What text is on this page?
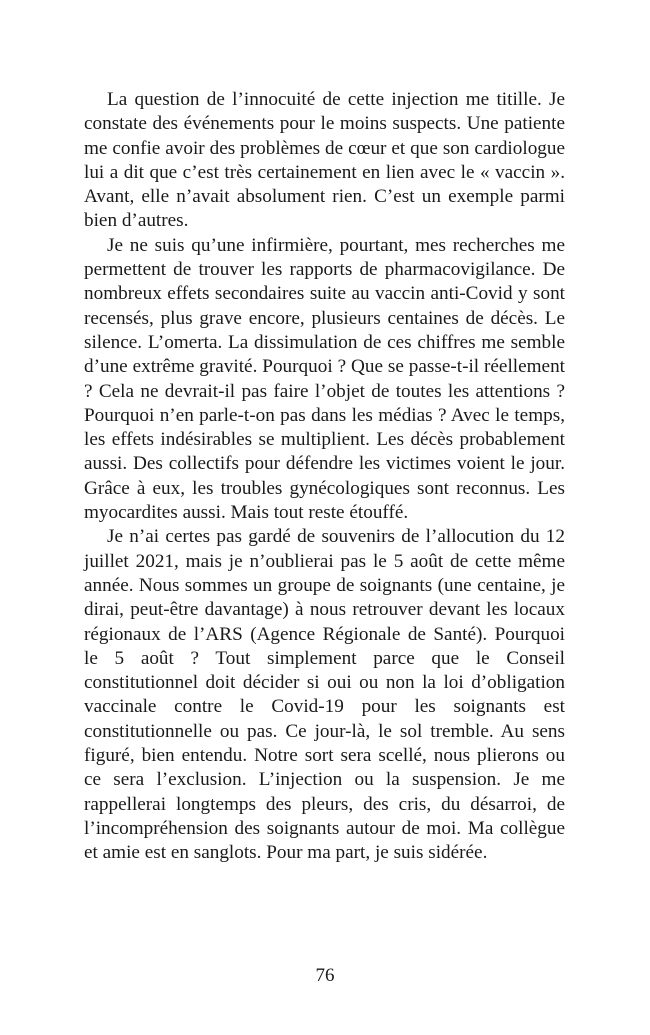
La question de l’innocuité de cette injection me titille. Je constate des événements pour le moins suspects. Une patiente me confie avoir des problèmes de cœur et que son cardiologue lui a dit que c’est très certainement en lien avec le « vaccin ». Avant, elle n’avait absolument rien. C’est un exemple parmi bien d’autres.

Je ne suis qu’une infirmière, pourtant, mes recherches me permettent de trouver les rapports de pharmacovigilance. De nombreux effets secondaires suite au vaccin anti-Covid y sont recensés, plus grave encore, plusieurs centaines de décès. Le silence. L’omerta. La dissimulation de ces chiffres me semble d’une extrême gravité. Pourquoi ? Que se passe-t-il réellement ? Cela ne devrait-il pas faire l’objet de toutes les attentions ? Pourquoi n’en parle-t-on pas dans les médias ? Avec le temps, les effets indésirables se multiplient. Les décès probablement aussi. Des collectifs pour défendre les victimes voient le jour. Grâce à eux, les troubles gynécologiques sont reconnus. Les myocardites aussi. Mais tout reste étouffé.

Je n’ai certes pas gardé de souvenirs de l’allocution du 12 juillet 2021, mais je n’oublierai pas le 5 août de cette même année. Nous sommes un groupe de soignants (une centaine, je dirai, peut-être davantage) à nous retrouver devant les locaux régionaux de l’ARS (Agence Régionale de Santé). Pourquoi le 5 août ? Tout simplement parce que le Conseil constitutionnel doit décider si oui ou non la loi d’obligation vaccinale contre le Covid-19 pour les soignants est constitutionnelle ou pas. Ce jour-là, le sol tremble. Au sens figuré, bien entendu. Notre sort sera scellé, nous plierons ou ce sera l’exclusion. L’injection ou la suspension. Je me rappellerai longtemps des pleurs, des cris, du désarroi, de l’incompréhension des soignants autour de moi. Ma collègue et amie est en sanglots. Pour ma part, je suis sidérée.

76
